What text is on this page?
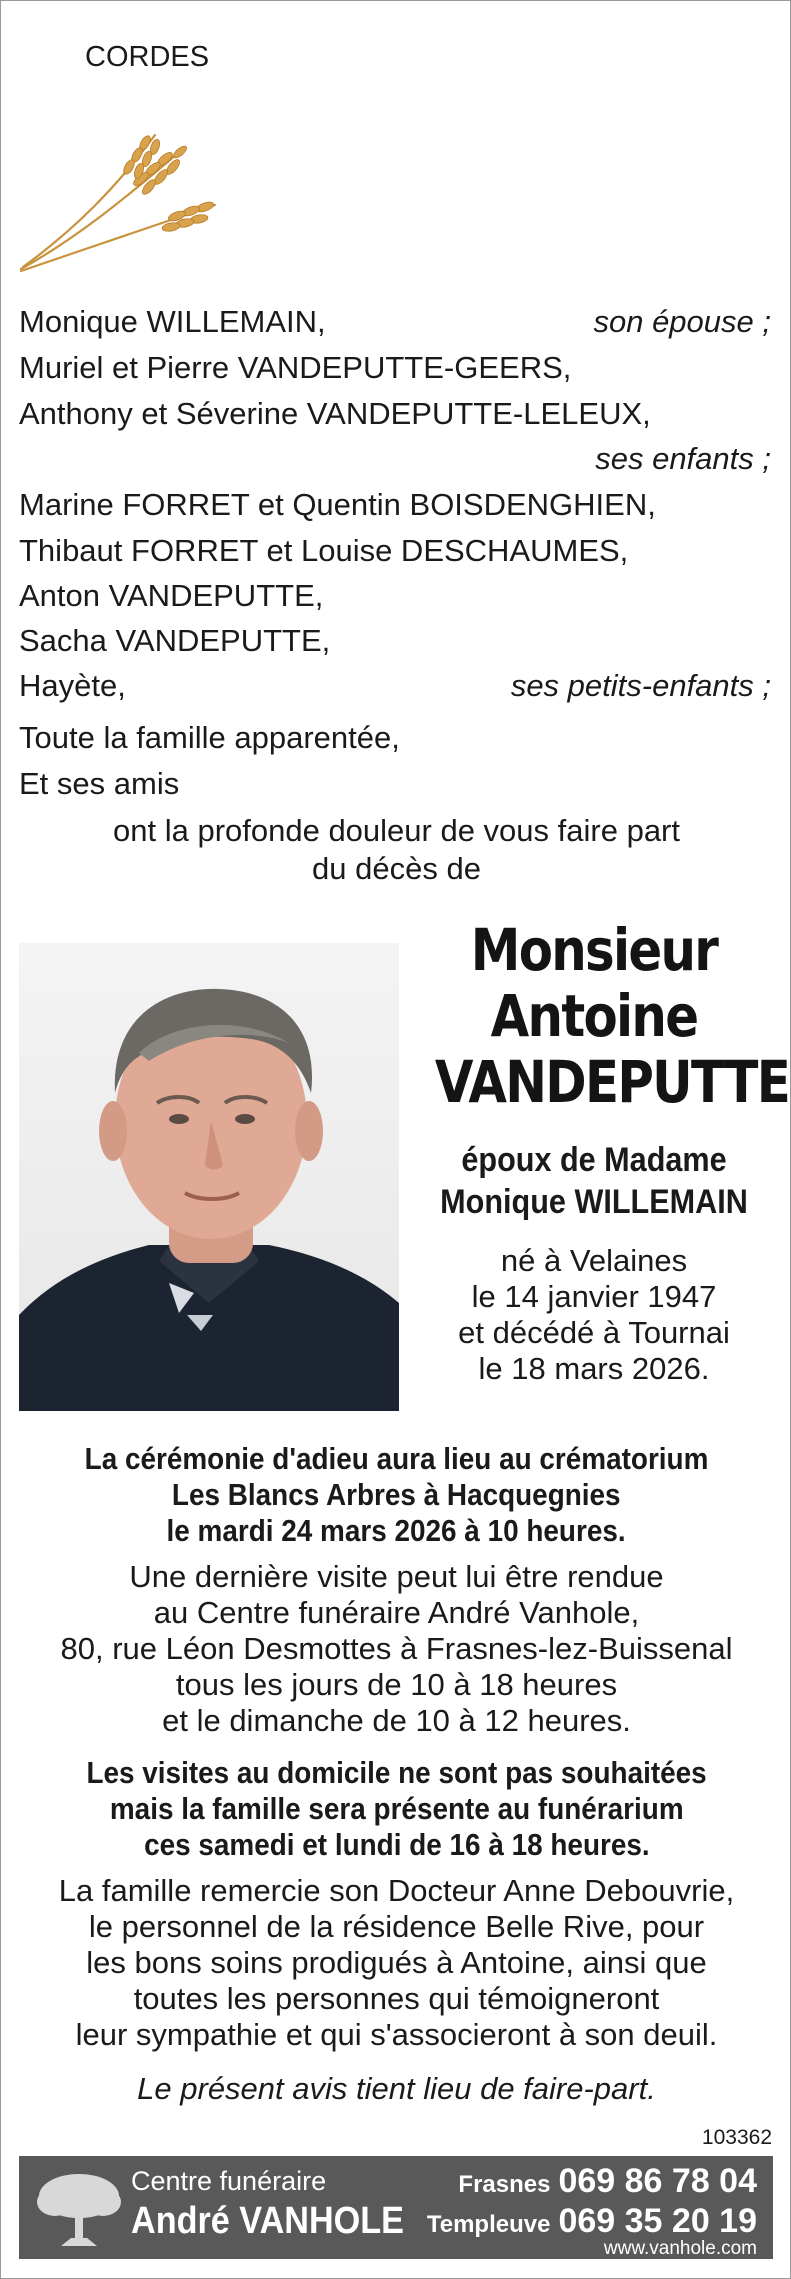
CORDES
Monique WILLEMAIN,	son épouse ;
Muriel et Pierre VANDEPUTTE-GEERS,
Anthony et Séverine VANDEPUTTE-LELEUX,
ses enfants ;
Marine FORRET et Quentin BOISDENGHIEN,
Thibaut FORRET et Louise DESCHAUMES,
Anton VANDEPUTTE,
Sacha VANDEPUTTE,
Hayète,	ses petits-enfants ;
Toute la famille apparentée,
Et ses amis
ont la profonde douleur de vous faire part
du décès de
Monsieur
Antoine
VANDEPUTTE
époux de Madame
Monique WILLEMAIN
né à Velaines
le 14 janvier 1947
et décédé à Tournai
le 18 mars 2026.
La cérémonie d'adieu aura lieu au crématorium
Les Blancs Arbres à Hacquegnies
le mardi 24 mars 2026 à 10 heures.
Une dernière visite peut lui être rendue
au Centre funéraire André Vanhole,
80, rue Léon Desmottes à Frasnes-lez-Buissenal
tous les jours de 10 à 18 heures
et le dimanche de 10 à 12 heures.
Les visites au domicile ne sont pas souhaitées
mais la famille sera présente au funérarium
ces samedi et lundi de 16 à 18 heures.
La famille remercie son Docteur Anne Debouvrie,
le personnel de la résidence Belle Rive, pour
les bons soins prodigués à Antoine, ainsi que
toutes les personnes qui témoigneront
leur sympathie et qui s'associeront à son deuil.
Le présent avis tient lieu de faire-part.
103362
Centre funéraire
André VANHOLE
Frasnes 069 86 78 04
Templeuve 069 35 20 19
www.vanhole.com
